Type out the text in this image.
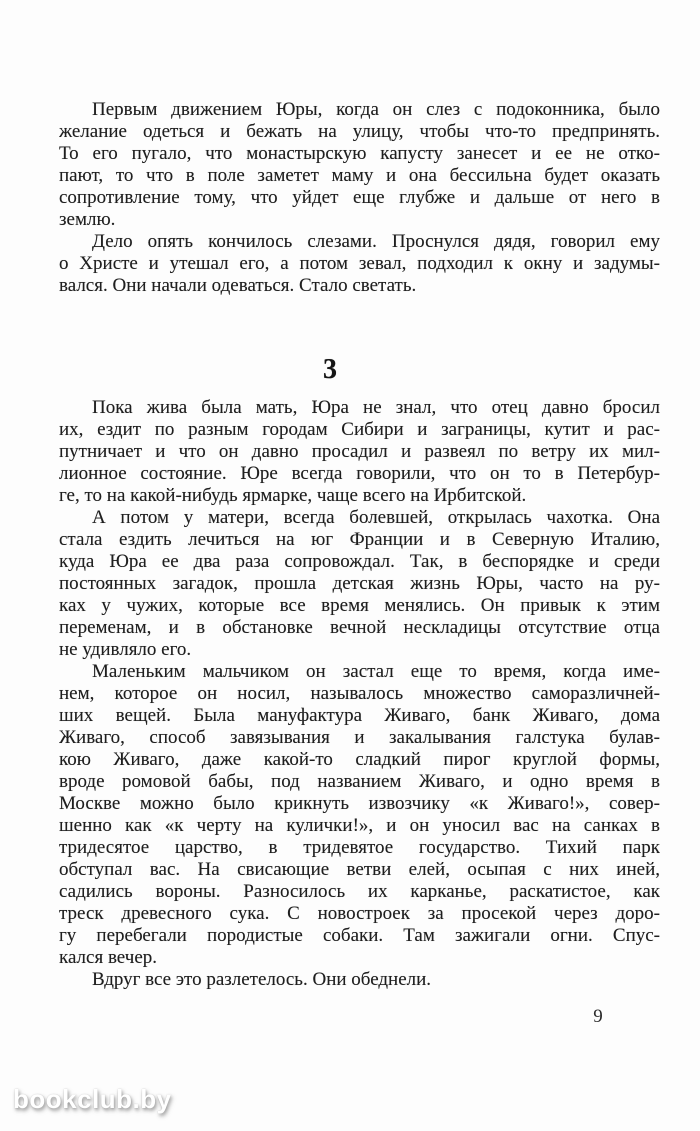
Первым движением Юры, когда он слез с подоконника, было
желание одеться и бежать на улицу, чтобы что-то предпринять.
То его пугало, что монастырскую капусту занесет и ее не отко-
пают, то что в поле заметет маму и она бессильна будет оказать
сопротивление тому, что уйдет еще глубже и дальше от него в
землю.
Дело опять кончилось слезами. Проснулся дядя, говорил ему
о Христе и утешал его, а потом зевал, подходил к окну и задумы-
вался. Они начали одеваться. Стало светать.
3
Пока жива была мать, Юра не знал, что отец давно бросил
их, ездит по разным городам Сибири и заграницы, кутит и рас-
путничает и что он давно просадил и развеял по ветру их мил-
лионное состояние. Юре всегда говорили, что он то в Петербур-
ге, то на какой-нибудь ярмарке, чаще всего на Ирбитской.
А потом у матери, всегда болевшей, открылась чахотка. Она
стала ездить лечиться на юг Франции и в Северную Италию,
куда Юра ее два раза сопровождал. Так, в беспорядке и среди
постоянных загадок, прошла детская жизнь Юры, часто на ру-
ках у чужих, которые все время менялись. Он привык к этим
переменам, и в обстановке вечной нескладицы отсутствие отца
не удивляло его.
Маленьким мальчиком он застал еще то время, когда име-
нем, которое он носил, называлось множество саморазличней-
ших вещей. Была мануфактура Живаго, банк Живаго, дома
Живаго, способ завязывания и закалывания галстука булав-
кою Живаго, даже какой-то сладкий пирог круглой формы,
вроде ромовой бабы, под названием Живаго, и одно время в
Москве можно было крикнуть извозчику «к Живаго!», совер-
шенно как «к черту на кулички!», и он уносил вас на санках в
тридесятое царство, в тридевятое государство. Тихий парк
обступал вас. На свисающие ветви елей, осыпая с них иней,
садились вороны. Разносилось их карканье, раскатистое, как
треск древесного сука. С новостроек за просекой через доро-
гу перебегали породистые собаки. Там зажигали огни. Спус-
кался вечер.
Вдруг все это разлетелось. Они обеднели.
9
bookclub.by
